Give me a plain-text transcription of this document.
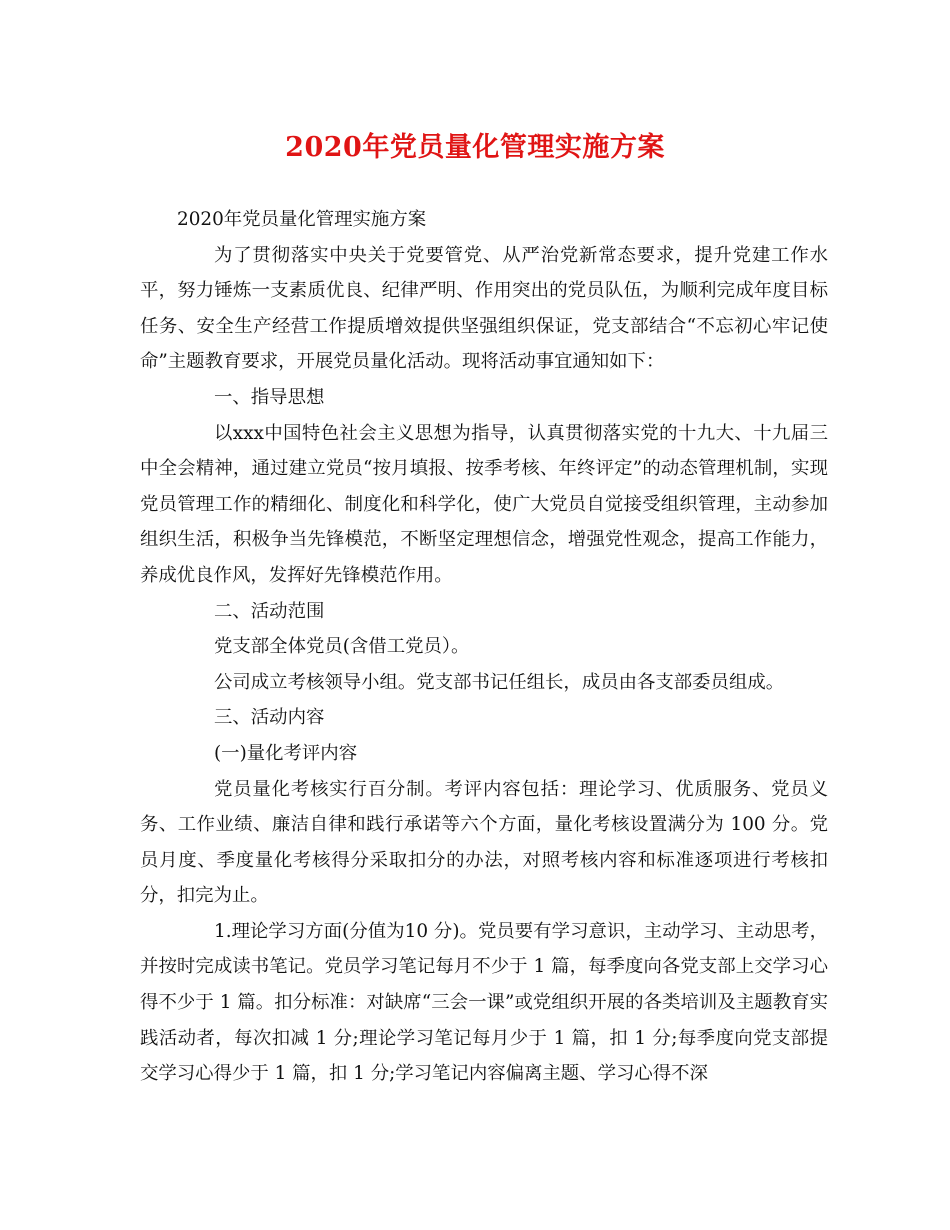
2020年党员量化管理实施方案

2020年党员量化管理实施方案

为了贯彻落实中央关于党要管党、从严治党新常态要求，提升党建工作水平，努力锤炼一支素质优良、纪律严明、作用突出的党员队伍，为顺利完成年度目标任务、安全生产经营工作提质增效提供坚强组织保证，党支部结合“不忘初心牢记使命”主题教育要求，开展党员量化活动。现将活动事宜通知如下：

一、指导思想

以xxx中国特色社会主义思想为指导，认真贯彻落实党的十九大、十九届三中全会精神，通过建立党员“按月填报、按季考核、年终评定”的动态管理机制，实现党员管理工作的精细化、制度化和科学化，使广大党员自觉接受组织管理，主动参加组织生活，积极争当先锋模范，不断坚定理想信念，增强党性观念，提高工作能力，养成优良作风，发挥好先锋模范作用。

二、活动范围

党支部全体党员(含借工党员）。

公司成立考核领导小组。党支部书记任组长，成员由各支部委员组成。

三、活动内容

(一)量化考评内容

党员量化考核实行百分制。考评内容包括：理论学习、优质服务、党员义务、工作业绩、廉洁自律和践行承诺等六个方面，量化考核设置满分为 100 分。党员月度、季度量化考核得分采取扣分的办法，对照考核内容和标准逐项进行考核扣分，扣完为止。

1.理论学习方面(分值为10 分)。党员要有学习意识，主动学习、主动思考，并按时完成读书笔记。党员学习笔记每月不少于 1 篇，每季度向各党支部上交学习心得不少于 1 篇。扣分标准：对缺席“三会一课”或党组织开展的各类培训及主题教育实践活动者，每次扣减 1 分;理论学习笔记每月少于 1 篇，扣 1 分;每季度向党支部提交学习心得少于 1 篇，扣 1 分;学习笔记内容偏离主题、学习心得不深
